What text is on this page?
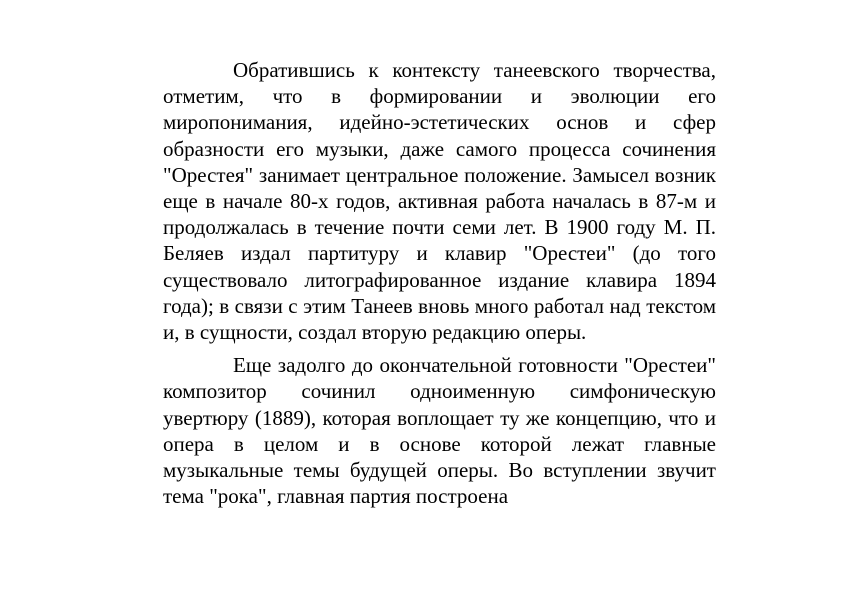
Обратившись к контексту танеевского творчества, отметим, что в формировании и эволюции его миропонимания, идейно-эстетических основ и сфер образности его музыки, даже самого процесса сочинения "Орестея" занимает центральное положение. Замысел возник еще в начале 80-х годов, активная работа началась в 87-м и продолжалась в течение почти семи лет. В 1900 году М. П. Беляев издал партитуру и клавир "Орестеи" (до того существовало литографированное издание клавира 1894 года); в связи с этим Танеев вновь много работал над текстом и, в сущности, создал вторую редакцию оперы.

Еще задолго до окончательной готовности "Орестеи" композитор сочинил одноименную симфоническую увертюру (1889), которая воплощает ту же концепцию, что и опера в целом и в основе которой лежат главные музыкальные темы будущей оперы. Во вступлении звучит тема "рока", главная партия построена
